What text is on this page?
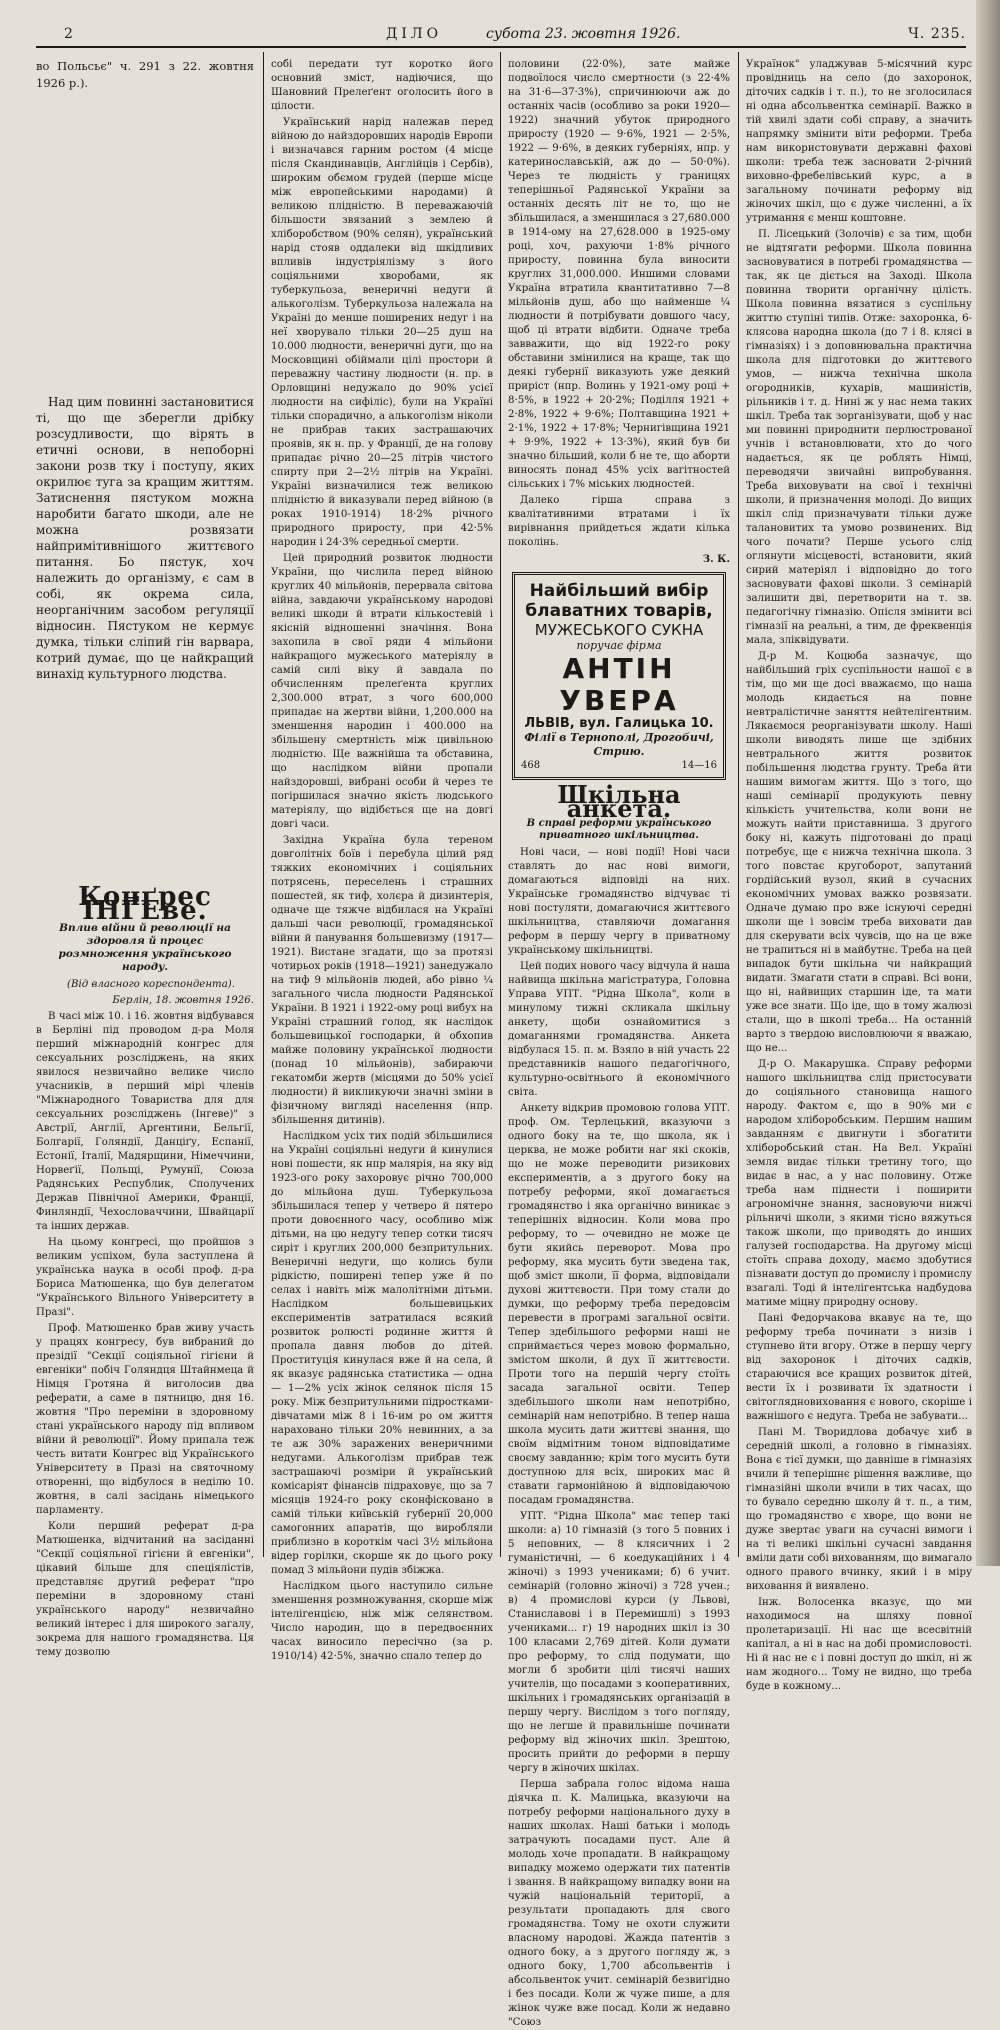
2	ДІЛО	субота 23. жовтня 1926.	Ч. 235.

во Польсьє" ч. 291 з 22. жовтня 1926 р.).

Над цим повинні застановитися ті, що ще зберегли дрібку розсудливости, що вірять в етичні основи, в непоборні закони розв тку і поступу, яких окрилює туга за кращим життям. Затиснення пястуком можна наробити багато шкоди, але не можна розвязати найпримітивнішого життєвого питання. Бо пястук, хоч належить до організму, є сам в собі, як окрема сила, неорганічним засобом регуляції відносин. Пястуком не кермує думка, тільки сліпий гін варвара, котрий думає, що це найкращий винахід культурного людства.

Конґрес ІНҐЕве.
Вплив війни й революції на здоровля й процес розмноження українського народу.

(Від власного кореспондента).

Берлін, 18. жовтня 1926.

В часі між 10. і 16. жовтня відбувався в Берліні під проводом д-ра Моля перший міжнародній конгрес для сексуальних розсліджень, на яких явилося незвичайно велике число учасників, в перший мірі членів "Міжнародного Товариства для для сексуальних розсліджень (Інгеве)" з Австрії, Англії, Аргентини, Бельгії, Болгарії, Голяндії, Данціґу, Еспанії, Естонії, Італії, Мадярщини, Німеччини, Норвеґії, Польщі, Румунії, Союза Радянських Республик, Сполучених Держав Північної Америки, Франції, Финляндії, Чехословаччини, Швайцарії та інших держав.

На цьому конгресі, що пройшов з великим успіхом, була заступлена й українська наука в особі проф. д-ра Бориса Матюшенка, що був делегатом "Українського Вільного Університету в Празі".

Проф. Матюшенко брав живу участь у працях конгресу, був вибраний до презідії "Секції соціяльної гігієни й евгеніки" побіч Голяндця Штайнмеца й Німця Гротяна й виголосив два реферати, а саме в пятницю, дня 16. жовтня "Про переміни в здоровному стані українського народу під впливом війни й революції". Йому припала теж честь витати Конгрес від Українського Університету в Празі на святочному отворенні, що відбулося в неділю 10. жовтня, в салі засідань німецького парламенту.

Коли перший реферат д-ра Матюшенка, відчитаний на засіданні "Секції соціяльної гігієни й евгеніки", цікавий більше для спеціялістів, представляє другий реферат "про переміни в здоровному стані українського народу" незвичайно великий інтерес і для широкого загалу, зокрема для нашого громадянства. Ця тему дозволю

собі передати тут коротко його основний зміст, надіючися, що Шановний Прелеґент оголосить його в цілости.

Український нарід належав перед війною до найздоровших народів Европи і визначався гарним ростом (4 місце після Скандинавців, Англійців і Сербів), широким обємом грудей (перше місце між европейськими народами) й великою плідністю. В переважаючій більшости звязаний з землею й хліборобством (90% селян), український нарід стояв оддалеки від шкідливих впливів індустріялізму з його соціяльними хворобами, як туберкульоза, венеричні недуги й алькоголізм. Туберкульоза належала на Україні до менше поширених недуг і на неї хворувало тільки 20—25 душ на 10.000 людности, венеричні дуги, що на Московщині обіймали цілі простори й переважну частину людности (н. пр. в Орловщині недужало до 90% усієї людности на сифіліс), були на Україні тільки спорадично, а алькоголізм ніколи не прибрав таких застрашаючих проявів, як н. пр. у Франції, де на голову припадає річно 20—25 літрів чистого спирту при 2—2½ літрів на Україні. Україні визначилися теж великою плідністю й виказували перед війною (в роках 1910-1914) 18·2% річного природного приросту, при 42·5% народин і 24·3% середньої смерти.

Цей природний розвиток людности України, що числила перед війною круглих 40 мільйонів, перервала світова війна, завдаючи українському народові великі шкоди й втрати кількостевій і якісній відношенні значіння. Вона захопила в свої ряди 4 мільйони найкращого мужеського матеріялу в самій силі віку й завдала по обчисленням прелеґента круглих 2,300.000 втрат, з чого 600,000 припадає на жертви війни, 1,200.000 на зменшення народин і 400.000 на збільшену смертність між цивільною людністю. Ще важнійша та обставина, що наслідком війни пропали найздоровші, вибрані особи й через те погіршилася значно якість людського матеріялу, що відібється ще на довгі довгі часи.

Західна Україна була тереном довголітніх боїв і перебула цілий ряд тяжких економічних і соціяльних потрясень, переселень і страшних пошестей, як тиф, холєра й дизинтерія, одначе ще тяжче відбилася на Україні дальші часи революції, громадянської війни й панування большевизму (1917—1921). Вистане згадати, що за протязі чотирьох років (1918—1921) занедужало на тиф 9 мільйонів людей, або рівно ¼ загального числа людности Радянської України. В 1921 і 1922-ому році вибух на Україні страшний голод, як наслідок большевицької господарки, й обхопив майже половину української людности (понад 10 мільйонів), забираючи гекатомби жертв (місцями до 50% усієї людности) й викликуючи значні зміни в фізичному вигляді населення (нпр. збільшення дитинів).

Наслідком усіх тих подій збільшилися на Україні соціяльні недуги й кинулися нові пошести, як нпр малярія, на яку від 1923-ого року захоровує річно 700,000 до мільйона душ. Туберкульоза збільшилася тепер у четверо й пятеро проти довоєнного часу, особливо між дітьми, на цю недугу тепер сотки тисяч сиріт і круглих 200,000 безпритульних. Венеричні недуги, що колись були рідкістю, поширені тепер уже й по селах і навіть між малолітніми дітьми. Наслідком большевицьких експериментів затратилася всякий розвиток ролюсті родинне життя й пропала давня любов до дітей. Проституція кинулася вже й на села, й як вказує радянська статистика — одна— 1—2% усіх жінок селянок після 15 року. Між безпритульними підростками-дівчатами між 8 і 16-им ро ом життя нараховано тільки 20% невинних, а за те аж 30% заражених венеричними недугами. Алькоголізм прибрав теж застрашаючі розміри й український комісаріят фінансів підраховує, що за 7 місяців 1924-го року сконфісковано в самій тільки київській губернії 20,000 самогонних апаратів, що виробляли приблизно в короткім часі 3½ мільйона відер горілки, скорше як до цього року помад 3 мільйони пудів збіжжа.

Наслідком цього наступило сильне зменшення розмножування, скорше між інтелігенцією, ніж між селянством. Число народин, що в передвоєнних часах виносило пересічно (за р. 1910/14) 42·5%, значно спало тепер до

половини (22·0%), зате майже подвоїлося число смертности (з 22·4% на 31·6—37·3%), спричинюючи аж до останніх часів (особливо за роки 1920—1922) значний убуток природного приросту (1920 — 9·6%, 1921 — 2·5%, 1922 — 9·6%, в деяких губерніях, нпр. у катеринославській, аж до — 50·0%). Через те людність у границях теперішньої Радянської України за останніх десять літ не то, що не збільшилася, а зменшилася з 27,680.000 в 1914-ому на 27,628.000 в 1925-ому році, хоч, рахуючи 1·8% річного приросту, повинна була виносити круглих 31,000.000. Иншими словами Україна втратила квантитативно 7—8 мільйонів душ, або що найменше ¼ людности й потрібувати довшого часу, щоб ці втрати відбити. Одначе треба завважити, що від 1922-го року обставини змінилися на краще, так що деякі губернії виказують уже деякий приріст (нпр. Волинь у 1921-ому році + 8·5%, в 1922 + 20·2%; Поділля 1921 + 2·8%, 1922 + 9·6%; Полтавщина 1921 + 2·1%, 1922 + 17·8%; Чернигівщина 1921 + 9·9%, 1922 + 13·3%), який був би значно більший, коли б не те, що аборти виносять понад 45% усіх вагітностей сільських і 7% міських людностей.

Далеко гірша справа з квалітативними втратами і їх вирівнання прийдеться ждати кілька поколінь.

З. К.

Найбільший вибір
блаватних товарів,
МУЖЕСЬКОГО СУКНА
поручає фірма
АНТІН УВЕРА
ЛЬВІВ, вул. Галицька 10.
Філії в Тернополі, Дрогобичі, Стрию.
468	14—16
Шкільна анкета.
В справі реформи українського приватного шкільництва.

Нові часи, — нові події! Нові часи ставлять до нас нові вимоги, домагаються відповіді на них. Українське громадянство відчуває ті нові постуляти, домагаючися життєвого шкільництва, ставляючи домагання реформ в першу чергу в приватному українському шкільництві.

Цей подих нового часу відчула й наша найвища шкільна магістратура, Головна Управа УПТ. "Рідна Школа", коли в минулому тижні скликала шкільну анкету, щоби ознайомитися з домаганнями громадянства. Анкета відбулася 15. п. м. Взяло в ній участь 22 представників нашого педагогічного, культурно-освітнього й економічного світа.

Анкету відкрив промовою голова УПТ. проф. Ом. Терлецький, вказуючи з одного боку на те, що школа, як і церква, не може робити наг які скоків, що не може переводити ризикових експериментів, а з другого боку на потребу реформи, якої домагається громадянство і яка органічно виникає з теперішніх відносин. Коли мова про реформу, то — очевидно не може це бути якийсь переворот. Мова про реформу, яка мусить бути зведена так, щоб зміст школи, її форма, відповідали духові життєвости. При тому стали до думки, що реформу треба передовсім перевести в програмі загальної освіти. Тепер здебільшого реформи наші не сприймається через мовою формально, змістом школи, й дух її життєвости. Проти того на першій чергу стоїть засада загальної освіти. Тепер здебільшого школи нам непотрібно, семінарій нам непотрібно. В тепер наша школа мусить дати життєві знання, що своїм відмітним тоном відповідатиме своєму завданню; крім того мусить бути доступною для всіх, широких мас й ставати гармонійною й відповідаючою посадам громадянства.

УПТ. "Рідна Школа" має тепер такі школи: а) 10 гімназій (з того 5 повних і 5 неповних, — 8 клясичних і 2 гуманістичні, — 6 коедукаційних і 4 жіночі) з 1993 учениками; б) 6 учит. семінарій (головно жіночі) з 728 учен.; в) 4 промислові курси (у Львові, Станиславові і в Перемишлі) з 1993 учениками... г) 19 народних шкіл із 30 100 класами 2,769 дітей. Коли думати про реформу, то слід подумати, що могли б зробити цілі тисячі наших учителів, що посадами з кооперативних, шкільних і громадянських організацій в першу чергу. Вислідом з того погляду, що не легше й правильніше починати реформу від жіночих шкіл. Зрештою, просить прийти до реформи в першу чергу в жіночих шкілах.

Перша забрала голос відома наша діячка п. К. Малицька, вказуючи на потребу реформи національного духу в наших школах. Наші батьки і молодь затрачують посадами пуст. Але й молодь хоче пропадати. В найкращому випадку можемо одержати тих патентів і звання. В найкращому випадку вони на чужій національній території, а результати пропадають для свого громадянства. Тому не охоти служити власному народові. Жажда патентів з одного боку, а з другого погляду ж, з одного боку, 1,700 абсольвентів і абсольвенток учит. семінарій безвигідно і без посади. Коли ж чуже пише, а для жінок чуже вже посад. Коли ж недавно "Союз

Українок" уладжував 5-місячний курс провідниць на село (до захоронок, діточих садків і т. п.), то не зголосилася ні одна абсольвентка семінарії. Важко в тій хвилі здати собі справу, а значить напрямку змінити віти реформи. Треба нам використовувати державні фахові школи: треба теж засновати 2-річний виховно-фребелівський курс, а в загальному починати реформу від жіночих шкіл, що є дуже численні, а їх утримання є менш коштовне.

П. Лісецький (Золочів) є за тим, щоби не відтягати реформи. Школа повинна засновуватися в потребі громадянства — так, як це діється на Заході. Школа повинна творити органічну цілість. Школа повинна вязатися з суспільну життю ступіні типів. Отже: захоронка, 6-клясова народна школа (до 7 і 8. клясі в гімназіях) і з доповнювальна практична школа для підготовки до життєвого умов, — нижча технічна школа огородників, кухарів, машиністів, рільників і т. д. Нині ж у нас нема таких шкіл. Треба так зорганізувати, щоб у нас ми повинні природнити перлюстрованої учнів і встановлювати, хто до чого надається, як це роблять Німці, переводячи звичайні випробування. Треба виховувати на свої і технічні школи, й призначення молоді. До вищих шкіл слід призначувати тільки дуже талановитих та умово розвинених. Від чого почати? Перше усього слід оглянути місцевості, встановити, який сирий матеріял і відповідно до того засновувати фахові школи. З семінарій залишити дві, перетворити на т. зв. педагогічну гімназію. Опісля змінити всі гімназії на реальні, а тим, де фреквенція мала, зліквідувати.

Д-р М. Коцюба зазначує, що найбільший гріх суспільности нашої є в тім, що ми ще досі вважаємо, що наша молодь кидається на повне невтралістичне заняття нейтелігентним. Лякаємося реорганізувати школу. Наші школи виводять лише ще здібних невтрального життя розвиток побільшення людства грунту. Треба йти нашим вимогам життя. Що з того, що наші семінарії продукують певну кількість учительства, коли вони не можуть найти приставниша. З другого боку ні, кажуть підготовані до праці потребує, ще є нижча технічна школа. З того повстає кругоборот, запутаний гордійський вузол, який в сучасних економічних умовах важко розвязати. Одначе думаю про вже існуючі середні школи ще і зовсім треба виховати дав для скерувати всіх чувсів, що на це вже не трапиться ні в майбутнє. Треба на цей випадок бути шкільна чи найкращий видати. Змагати стати в справі. Всі вони, що ні, найвищих старшин іде, та мати уже все знати. Що іде, що в тому жалюзі стали, що в школі треба... На останній варто з твердою висловлюючи я вважаю, що не...

Д-р О. Макарушка. Справу реформи нашого шкільництва слід пристосувати до соціяльного становища нашого народу. Фактом є, що в 90% ми є народом хліборобським. Першим нашим завданням є двигнути і збогатити хліборобський стан. На Вел. Україні земля видає тільки третину того, що видає в нас, а у нас половину. Отже треба нам піднести і поширити агрономічне знання, засновуючи нижчі рільничі школи, з якими тісно вяжуться також школи, що приводять до инших галузей господарства. На другому місці стоїть справа доходу, маємо здобутися пізнавати доступ до промислу і промислу взагалі. Тоді й інтелігентська надбудова матиме міцну природну основу.

Пані Федорчакова вкавує на те, що реформу треба починати з низів і ступнево йти вгору. Отже в першу чергу від захоронок і діточих садків, стараючися все кращих розвиток дітей, вести їх і розвивати їх здатности і світоглядновиховання є нового, скоріше і важнішого є недуга. Треба не забувати...

Пані М. Творидлова добачує хиб в середній школі, а головно в гімназіях. Вона є тієї думки, що давніше в гімназіях вчили й теперішнє рішення важливе, що гімназійні школи вчили в тих часах, що то бувало середню школу й т. п., а тим, що громадянство є хворе, що вони не дуже звертає уваги на сучасні вимоги і на ті великі шкільні сучасні завдання вміли дати собі вихованням, що вимагало одного правого вчинку, який і в міру виховання й виявлено.

Інж. Волосенка вказує, що ми находимося на шляху повної пролетаризації. Ні нас ще всесвітній капітал, а ні в нас на добі промисловості. Ні й нас не є і повні доступ до шкіл, ні ж нам жодного... Тому не видно, що треба буде в кожному...
